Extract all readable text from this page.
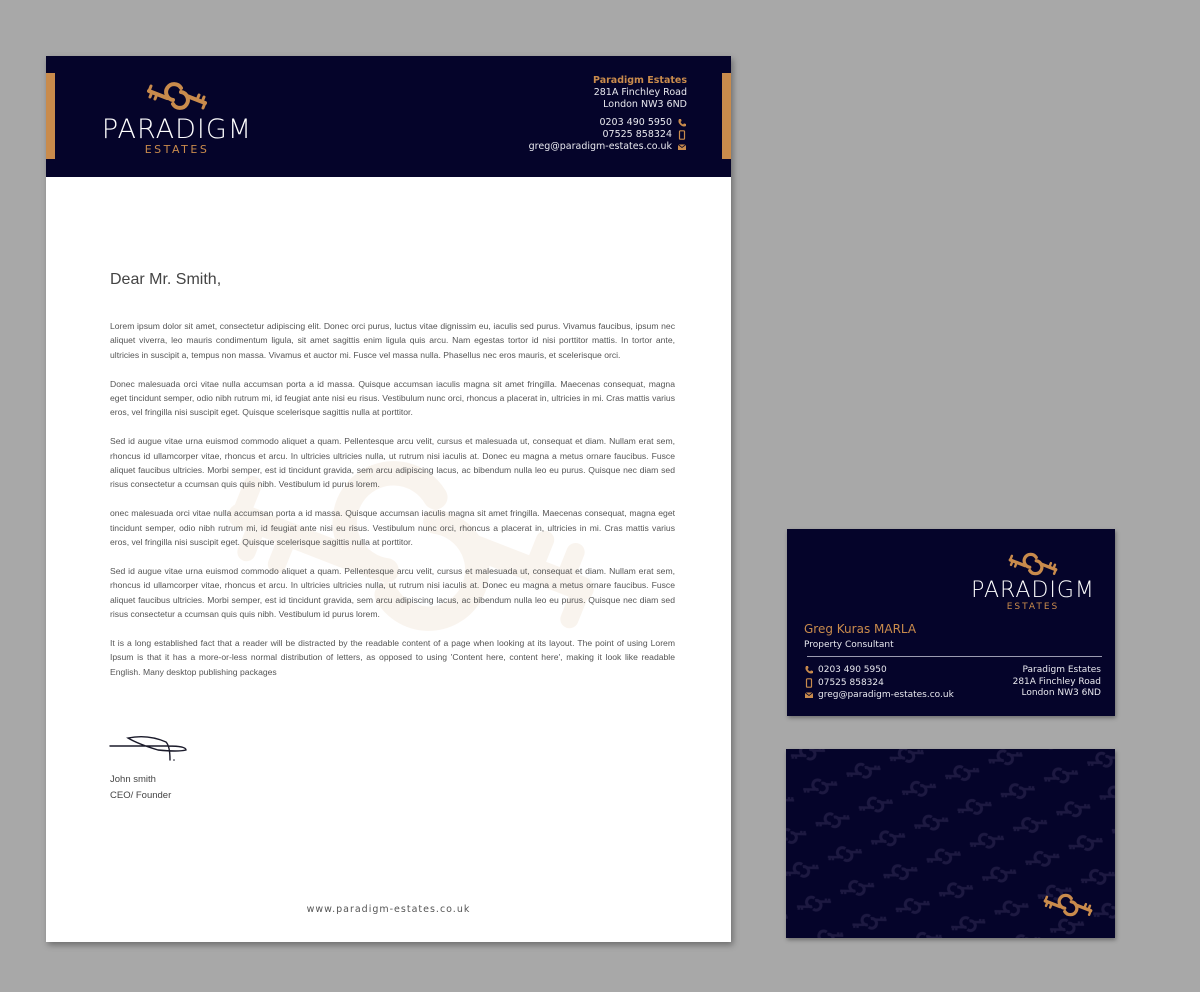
PARADIGM
ESTATES
Paradigm Estates
281A Finchley Road
London NW3 6ND
0203 490 5950
07525 858324
greg@paradigm-estates.co.uk
Dear Mr. Smith,

Lorem ipsum dolor sit amet, consectetur adipiscing elit. Donec orci purus, luctus vitae dignissim eu, iaculis sed purus. Vivamus faucibus, ipsum nec aliquet viverra, leo mauris condimentum ligula, sit amet sagittis enim ligula quis arcu. Nam egestas tortor id nisi porttitor mattis. In tortor ante, ultricies in suscipit a, tempus non massa. Vivamus et auctor mi. Fusce vel massa nulla. Phasellus nec eros mauris, et scelerisque orci.

Donec malesuada orci vitae nulla accumsan porta a id massa. Quisque accumsan iaculis magna sit amet fringilla. Maecenas consequat, magna eget tincidunt semper, odio nibh rutrum mi, id feugiat ante nisi eu risus. Vestibulum nunc orci, rhoncus a placerat in, ultricies in mi. Cras mattis varius eros, vel fringilla nisi suscipit eget. Quisque scelerisque sagittis nulla at porttitor.

Sed id augue vitae urna euismod commodo aliquet a quam. Pellentesque arcu velit, cursus et malesuada ut, consequat et diam. Nullam erat sem, rhoncus id ullamcorper vitae, rhoncus et arcu. In ultricies ultricies nulla, ut rutrum nisi iaculis at. Donec eu magna a metus ornare faucibus. Fusce aliquet faucibus ultricies. Morbi semper, est id tincidunt gravida, sem arcu adipiscing lacus, ac bibendum nulla leo eu purus. Quisque nec diam sed risus consectetur a ccumsan quis quis nibh. Vestibulum id purus lorem.

onec malesuada orci vitae nulla accumsan porta a id massa. Quisque accumsan iaculis magna sit amet fringilla. Maecenas consequat, magna eget tincidunt semper, odio nibh rutrum mi, id feugiat ante nisi eu risus. Vestibulum nunc orci, rhoncus a placerat in, ultricies in mi. Cras mattis varius eros, vel fringilla nisi suscipit eget. Quisque scelerisque sagittis nulla at porttitor.

Sed id augue vitae urna euismod commodo aliquet a quam. Pellentesque arcu velit, cursus et malesuada ut, consequat et diam. Nullam erat sem, rhoncus id ullamcorper vitae, rhoncus et arcu. In ultricies ultricies nulla, ut rutrum nisi iaculis at. Donec eu magna a metus ornare faucibus. Fusce aliquet faucibus ultricies. Morbi semper, est id tincidunt gravida, sem arcu adipiscing lacus, ac bibendum nulla leo eu purus. Quisque nec diam sed risus consectetur a ccumsan quis quis nibh. Vestibulum id purus lorem.

It is a long established fact that a reader will be distracted by the readable content of a page when looking at its layout. The point of using Lorem Ipsum is that it has a more-or-less normal distribution of letters, as opposed to using 'Content here, content here', making it look like readable English. Many desktop publishing packages

John smith
CEO/ Founder
www.paradigm-estates.co.uk
PARADIGM
ESTATES
Greg Kuras MARLA
Property Consultant
0203 490 5950
07525 858324
greg@paradigm-estates.co.uk
Paradigm Estates
281A Finchley Road
London NW3 6ND
